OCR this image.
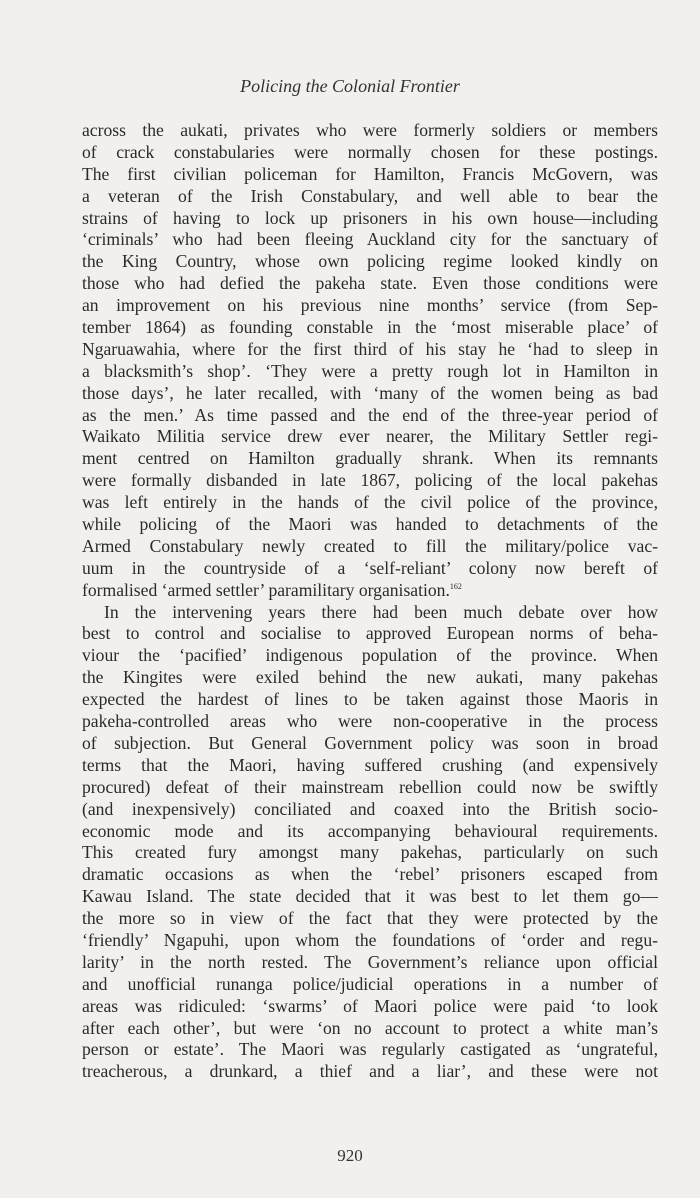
Policing the Colonial Frontier
across the aukati, privates who were formerly soldiers or members
of crack constabularies were normally chosen for these postings.
The first civilian policeman for Hamilton, Francis McGovern, was
a veteran of the Irish Constabulary, and well able to bear the
strains of having to lock up prisoners in his own house—including
‘criminals’ who had been fleeing Auckland city for the sanctuary of
the King Country, whose own policing regime looked kindly on
those who had defied the pakeha state. Even those conditions were
an improvement on his previous nine months’ service (from Sep-
tember 1864) as founding constable in the ‘most miserable place’ of
Ngaruawahia, where for the first third of his stay he ‘had to sleep in
a blacksmith’s shop’. ‘They were a pretty rough lot in Hamilton in
those days’, he later recalled, with ‘many of the women being as bad
as the men.’ As time passed and the end of the three-year period of
Waikato Militia service drew ever nearer, the Military Settler regi-
ment centred on Hamilton gradually shrank. When its remnants
were formally disbanded in late 1867, policing of the local pakehas
was left entirely in the hands of the civil police of the province,
while policing of the Maori was handed to detachments of the
Armed Constabulary newly created to fill the military/police vac-
uum in the countryside of a ‘self-reliant’ colony now bereft of
formalised ‘armed settler’ paramilitary organisation.$^{162}$
In the intervening years there had been much debate over how
best to control and socialise to approved European norms of beha-
viour the ‘pacified’ indigenous population of the province. When
the Kingites were exiled behind the new aukati, many pakehas
expected the hardest of lines to be taken against those Maoris in
pakeha-controlled areas who were non-cooperative in the process
of subjection. But General Government policy was soon in broad
terms that the Maori, having suffered crushing (and expensively
procured) defeat of their mainstream rebellion could now be swiftly
(and inexpensively) conciliated and coaxed into the British socio-
economic mode and its accompanying behavioural requirements.
This created fury amongst many pakehas, particularly on such
dramatic occasions as when the ‘rebel’ prisoners escaped from
Kawau Island. The state decided that it was best to let them go—
the more so in view of the fact that they were protected by the
‘friendly’ Ngapuhi, upon whom the foundations of ‘order and regu-
larity’ in the north rested. The Government’s reliance upon official
and unofficial runanga police/judicial operations in a number of
areas was ridiculed: ‘swarms’ of Maori police were paid ‘to look
after each other’, but were ‘on no account to protect a white man’s
person or estate’. The Maori was regularly castigated as ‘ungrateful,
treacherous, a drunkard, a thief and a liar’, and these were not
920
